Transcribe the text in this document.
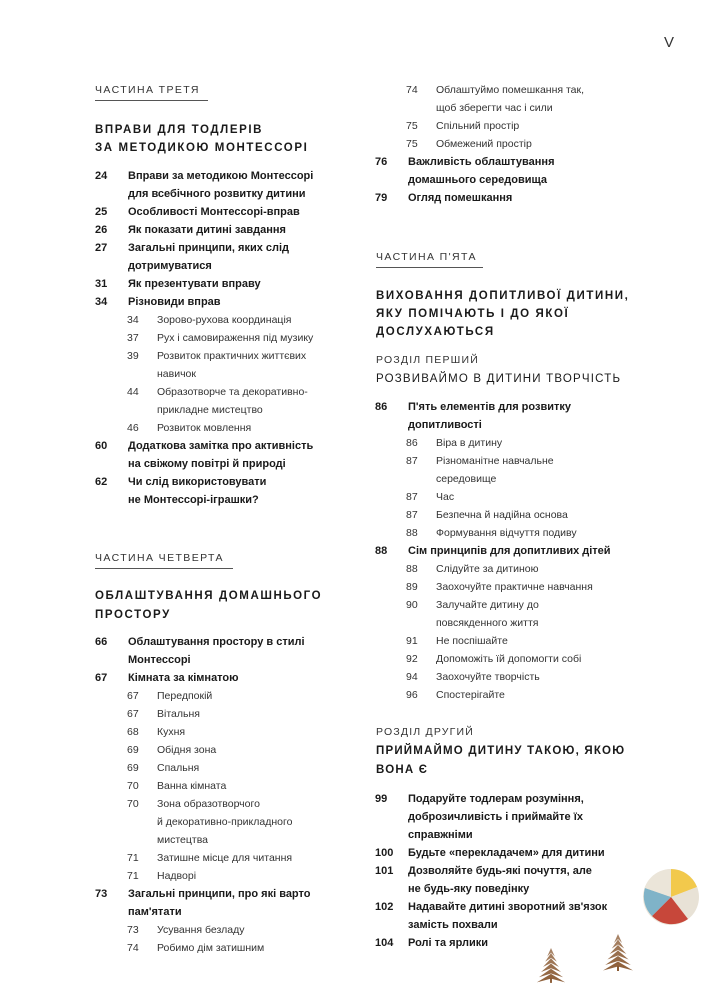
V
ЧАСТИНА ТРЕТЯ
ВПРАВИ ДЛЯ ТОДЛЕРІВ
ЗА МЕТОДИКОЮ МОНТЕССОРІ
24 Вправи за методикою Монтессорі
для всебічного розвитку дитини
25 Особливості Монтессорі-вправ
26 Як показати дитині завдання
27 Загальні принципи, яких слід
дотримуватися
31 Як презентувати вправу
34 Різновиди вправ
34 Зорово-рухова координація
37 Рух і самовираження під музику
39 Розвиток практичних життєвих
навичок
44 Образотворче та декоративно-
прикладне мистецтво
46 Розвиток мовлення
60 Додаткова замітка про активність
на свіжому повітрі й природі
62 Чи слід використовувати
не Монтессорі-іграшки?
ЧАСТИНА ЧЕТВЕРТА
ОБЛАШТУВАННЯ ДОМАШНЬОГО
ПРОСТОРУ
66 Облаштування простору в стилі
Монтессорі
67 Кімната за кімнатою
67 Передпокій
67 Вітальня
68 Кухня
69 Обідня зона
69 Спальня
70 Ванна кімната
70 Зона образотворчого
й декоративно-прикладного
мистецтва
71 Затишне місце для читання
71 Надворі
73 Загальні принципи, про які варто
пам'ятати
73 Усування безладу
74 Робимо дім затишним
74 Облаштуймо помешкання так,
щоб зберегти час і сили
75 Спільний простір
75 Обмежений простір
76 Важливість облаштування
домашнього середовища
79 Огляд помешкання
ЧАСТИНА П'ЯТА
ВИХОВАННЯ ДОПИТЛИВОЇ ДИТИНИ,
ЯКУ ПОМІЧАЮТЬ І ДО ЯКОЇ
ДОСЛУХАЮТЬСЯ
РОЗДІЛ ПЕРШИЙ
РОЗВИВАЙМО В ДИТИНИ ТВОРЧІСТЬ
86 П'ять елементів для розвитку
допитливості
86 Віра в дитину
87 Різноманітне навчальне
середовище
87 Час
87 Безпечна й надійна основа
88 Формування відчуття подиву
88 Сім принципів для допитливих дітей
88 Слідуйте за дитиною
89 Заохочуйте практичне навчання
90 Залучайте дитину до
повсякденного життя
91 Не поспішайте
92 Допоможіть їй допомогти собі
94 Заохочуйте творчість
96 Спостерігайте
РОЗДІЛ ДРУГИЙ
ПРИЙМАЙМО ДИТИНУ ТАКОЮ, ЯКОЮ
ВОНА Є
99 Подаруйте тодлерам розуміння,
доброзичливість і приймайте їх
справжніми
100 Будьте «перекладачем» для дитини
101 Дозволяйте будь-які почуття, але
не будь-яку поведінку
102 Надавайте дитині зворотний зв'язок
замість похвали
104 Ролі та ярлики
